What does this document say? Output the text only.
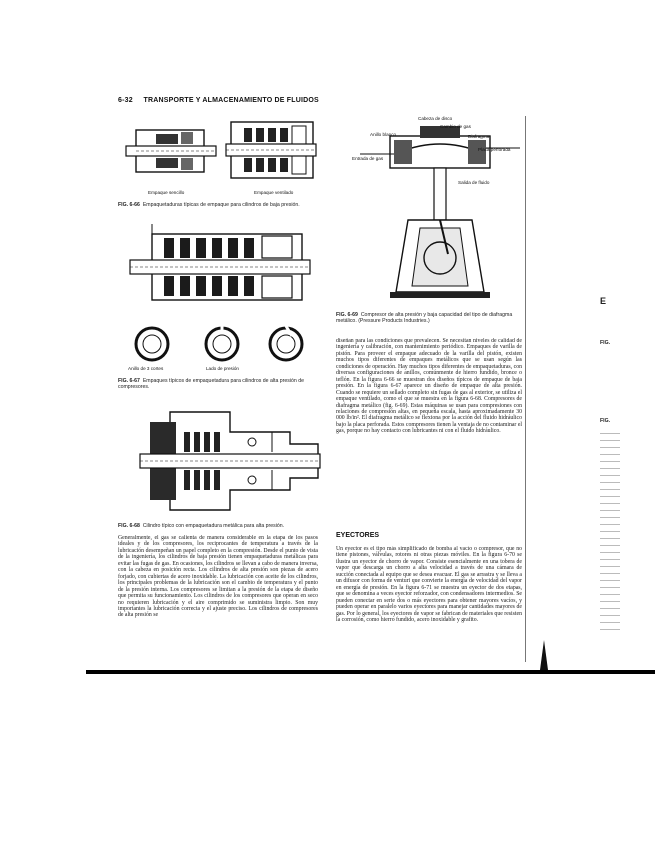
6-32 TRANSPORTE Y ALMACENAMIENTO DE FLUIDOS
Empaque sencillo	Empaque ventilado
FIG. 6-66 Empaquetaduras típicas de empaque para cilindros de baja presión.
Anillo de 3 cortes	Lado de presión
FIG. 6-67 Empaques típicos de empaquetadura para cilindros de alta presión de compresores.
FIG. 6-68 Cilindro típico con empaquetadura metálica para alta presión.
Generalmente, el gas se calienta de manera considerable en la etapa de los pasos ideales y de los compresores, los reciprocantes de temperatura a través de la lubricación desempeñan un papel completo en la compresión. Desde el punto de vista de la ingeniería, los cilindros de baja presión tienen empaquetaduras metálicas para evitar las fugas de gas. En ocasiones, los cilindros se llevan a cabo de manera inversa, con la cabeza en posición recta. Los cilindros de alta presión son piezas de acero forjado, con cubiertas de acero inoxidable. La lubricación con aceite de los cilindros, los principales problemas de la lubricación son el cambio de temperatura y el punto de la presión interna. Los compresores se limitan a la presión de la etapa de diseño que permita su funcionamiento. Los cilindros de los compresores que operan en seco no requieren lubricación y el aire comprimido se suministra limpio. Son muy importantes la lubricación correcta y el ajuste preciso. Los cilindros de compresores de alta presión se
Cabeza de disco
Anillo blanco
Cambio de gas
Diafragma
Placa perforada
Entrada de gas
Salida de fluido
FIG. 6-69 Compresor de alta presión y baja capacidad del tipo de diafragma metálico. (Pressure Products Industries.)
diseñan para las condiciones que prevalecen. Se necesitan niveles de calidad de ingeniería y calibración, con mantenimiento periódico. Empaques de varilla de pistón. Para proveer el empaque adecuado de la varilla del pistón, existen muchos tipos diferentes de empaques metálicos que se usan según las condiciones de operación. Hay muchos tipos diferentes de empaquetaduras, con diversas configuraciones de anillos, comúnmente de hierro fundido, bronce o teflón. En la figura 6-66 se muestran dos diseños típicos de empaque de baja presión. En la figura 6-67 aparece un diseño de empaque de alta presión. Cuando se requiere un sellado completo sin fugas de gas al exterior, se utiliza el empaque ventilado, como el que se muestra en la figura 6-68. Compresores de diafragma metálico (fig. 6-69). Estas máquinas se usan para compresiones con relaciones de compresión altas, en pequeña escala, hasta aproximadamente 30 000 lb/in². El diafragma metálico se flexiona por la acción del fluido hidráulico bajo la placa perforada. Estos compresores tienen la ventaja de no contaminar el gas, porque no hay contacto con lubricantes ni con el fluido hidráulico.
EYECTORES
Un eyector es el tipo más simplificado de bomba al vacío o compresor, que no tiene pistones, válvulas, rotores ni otras piezas móviles. En la figura 6-70 se ilustra un eyector de chorro de vapor. Consiste esencialmente en una tobera de vapor que descarga un chorro a alta velocidad a través de una cámara de succión conectada al equipo que se desea evacuar. El gas se arrastra y se lleva a un difusor con forma de venturi que convierte la energía de velocidad del vapor en energía de presión. En la figura 6-71 se muestra un eyector de dos etapas, que se denomina a veces eyector reforzador, con condensadores intermedios. Se pueden conectar en serie dos o más eyectores para obtener mayores vacíos, y pueden operar en paralelo varios eyectores para manejar cantidades mayores de gas. Por lo general, los eyectores de vapor se fabrican de materiales que resisten la corrosión, como hierro fundido, acero inoxidable y grafito.
FIG.
FIG.
E
